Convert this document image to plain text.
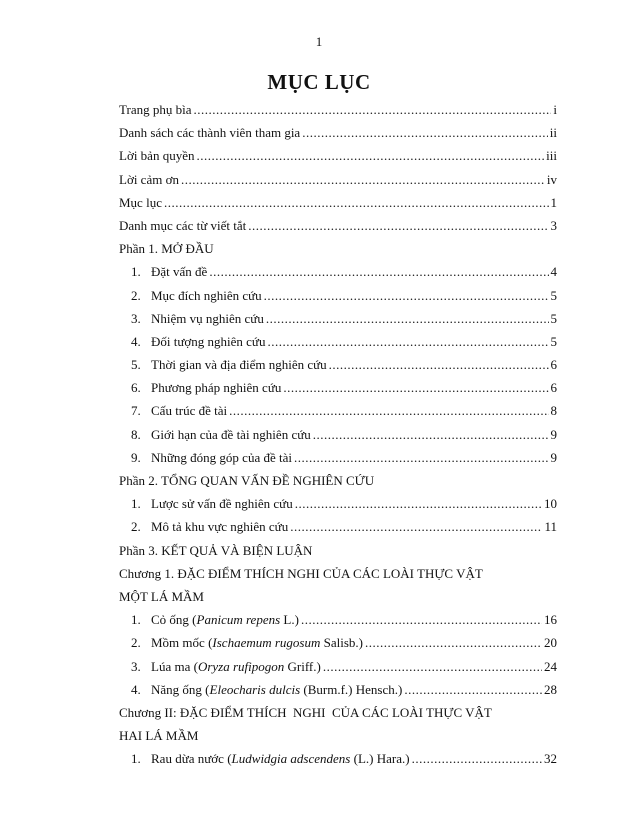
1
MỤC LỤC
Trang phụ bìa .....	i
Danh sách các thành viên tham gia .....	ii
Lời bản quyền .....	iii
Lời cảm ơn .....	iv
Mục lục .....	1
Danh mục các từ viết tắt .....	3
Phần 1. MỞ ĐẦU
1. Đặt vấn đề .....	4
2. Mục đích nghiên cứu .....	5
3. Nhiệm vụ nghiên cứu .....	5
4. Đối tượng nghiên cứu .....	5
5. Thời gian và địa điểm nghiên cứu .....	6
6. Phương pháp nghiên cứu .....	6
7. Cấu trúc đề tài .....	8
8. Giới hạn của đề tài nghiên cứu .....	9
9. Những đóng góp của đề tài .....	9
Phần 2. TỔNG QUAN VẤN ĐỀ NGHIÊN CỨU
1. Lược sử vấn đề nghiên cứu .....	10
2. Mô tả khu vực nghiên cứu .....	11
Phần 3. KẾT QUẢ VÀ BIỆN LUẬN
Chương 1. ĐẶC ĐIỂM THÍCH NGHI CỦA CÁC LOÀI THỰC VẬT
MỘT LÁ MẦM
1. Cỏ ống (Panicum repens L.) .....	16
2. Mồm mốc (Ischaemum rugosum Salisb.) .....	20
3. Lúa ma (Oryza rufipogon Griff.) .....	24
4. Năng ống (Eleocharis dulcis (Burm.f.) Hensch.) .....	28
Chương II: ĐẶC ĐIỂM THÍCH  NGHI  CỦA CÁC LOÀI THỰC VẬT
HAI LÁ MẦM
1. Rau dừa nước (Ludwidgia adscendens (L.) Hara.) .....	32
